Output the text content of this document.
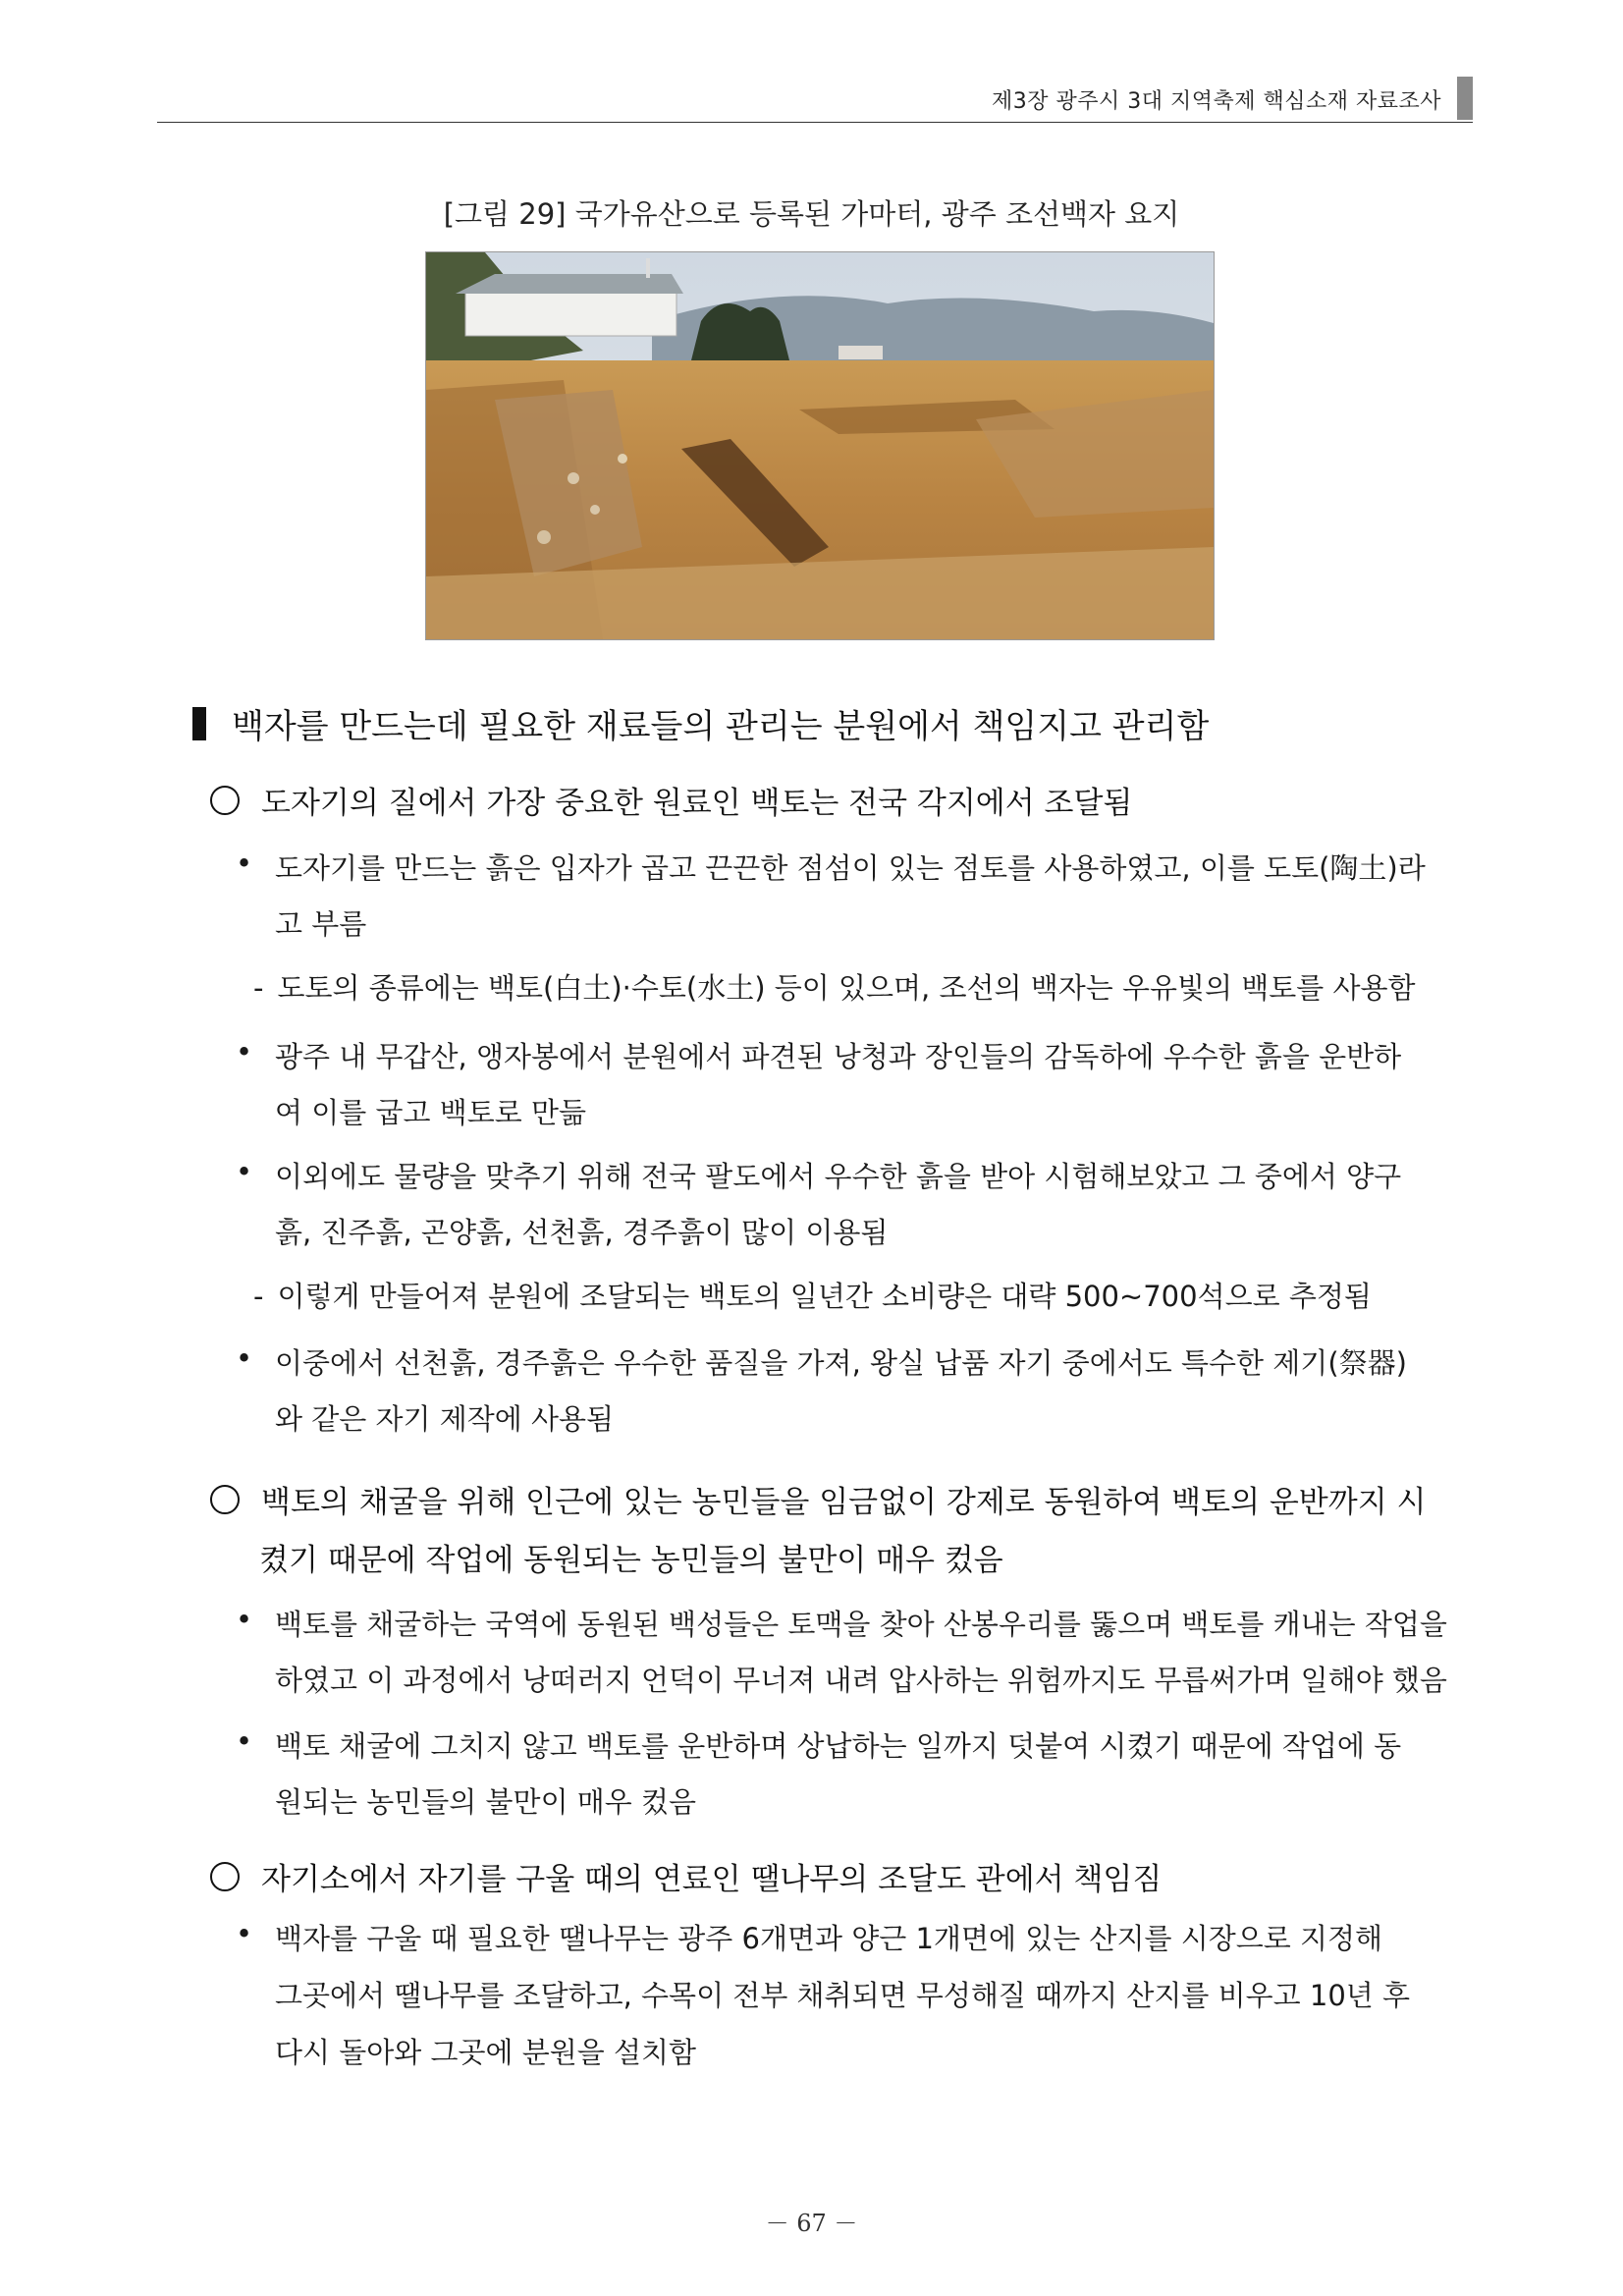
제3장 광주시 3대 지역축제 핵심소재 자료조사
[그림 29] 국가유산으로 등록된 가마터, 광주 조선백자 요지
백자를 만드는데 필요한 재료들의 관리는 분원에서 책임지고 관리함
도자기의 질에서 가장 중요한 원료인 백토는 전국 각지에서 조달됨
• 도자기를 만드는 흙은 입자가 곱고 끈끈한 점섬이 있는 점토를 사용하였고, 이를 도토(陶土)라
고 부름
- 도토의 종류에는 백토(白土)·수토(水土) 등이 있으며, 조선의 백자는 우유빛의 백토를 사용함
• 광주 내 무갑산, 앵자봉에서 분원에서 파견된 낭청과 장인들의 감독하에 우수한 흙을 운반하
여 이를 굽고 백토로 만듦
• 이외에도 물량을 맞추기 위해 전국 팔도에서 우수한 흙을 받아 시험해보았고 그 중에서 양구
흙, 진주흙, 곤양흙, 선천흙, 경주흙이 많이 이용됨
- 이렇게 만들어져 분원에 조달되는 백토의 일년간 소비량은 대략 500~700석으로 추정됨
• 이중에서 선천흙, 경주흙은 우수한 품질을 가져, 왕실 납품 자기 중에서도 특수한 제기(祭器)
와 같은 자기 제작에 사용됨
백토의 채굴을 위해 인근에 있는 농민들을 임금없이 강제로 동원하여 백토의 운반까지 시
켰기 때문에 작업에 동원되는 농민들의 불만이 매우 컸음
• 백토를 채굴하는 국역에 동원된 백성들은 토맥을 찾아 산봉우리를 뚫으며 백토를 캐내는 작업을
하였고 이 과정에서 낭떠러지 언덕이 무너져 내려 압사하는 위험까지도 무릅써가며 일해야 했음
• 백토 채굴에 그치지 않고 백토를 운반하며 상납하는 일까지 덧붙여 시켰기 때문에 작업에 동
원되는 농민들의 불만이 매우 컸음
자기소에서 자기를 구울 때의 연료인 땔나무의 조달도 관에서 책임짐
• 백자를 구울 때 필요한 땔나무는 광주 6개면과 양근 1개면에 있는 산지를 시장으로 지정해
그곳에서 땔나무를 조달하고, 수목이 전부 채취되면 무성해질 때까지 산지를 비우고 10년 후
다시 돌아와 그곳에 분원을 설치함
－ 67 －
